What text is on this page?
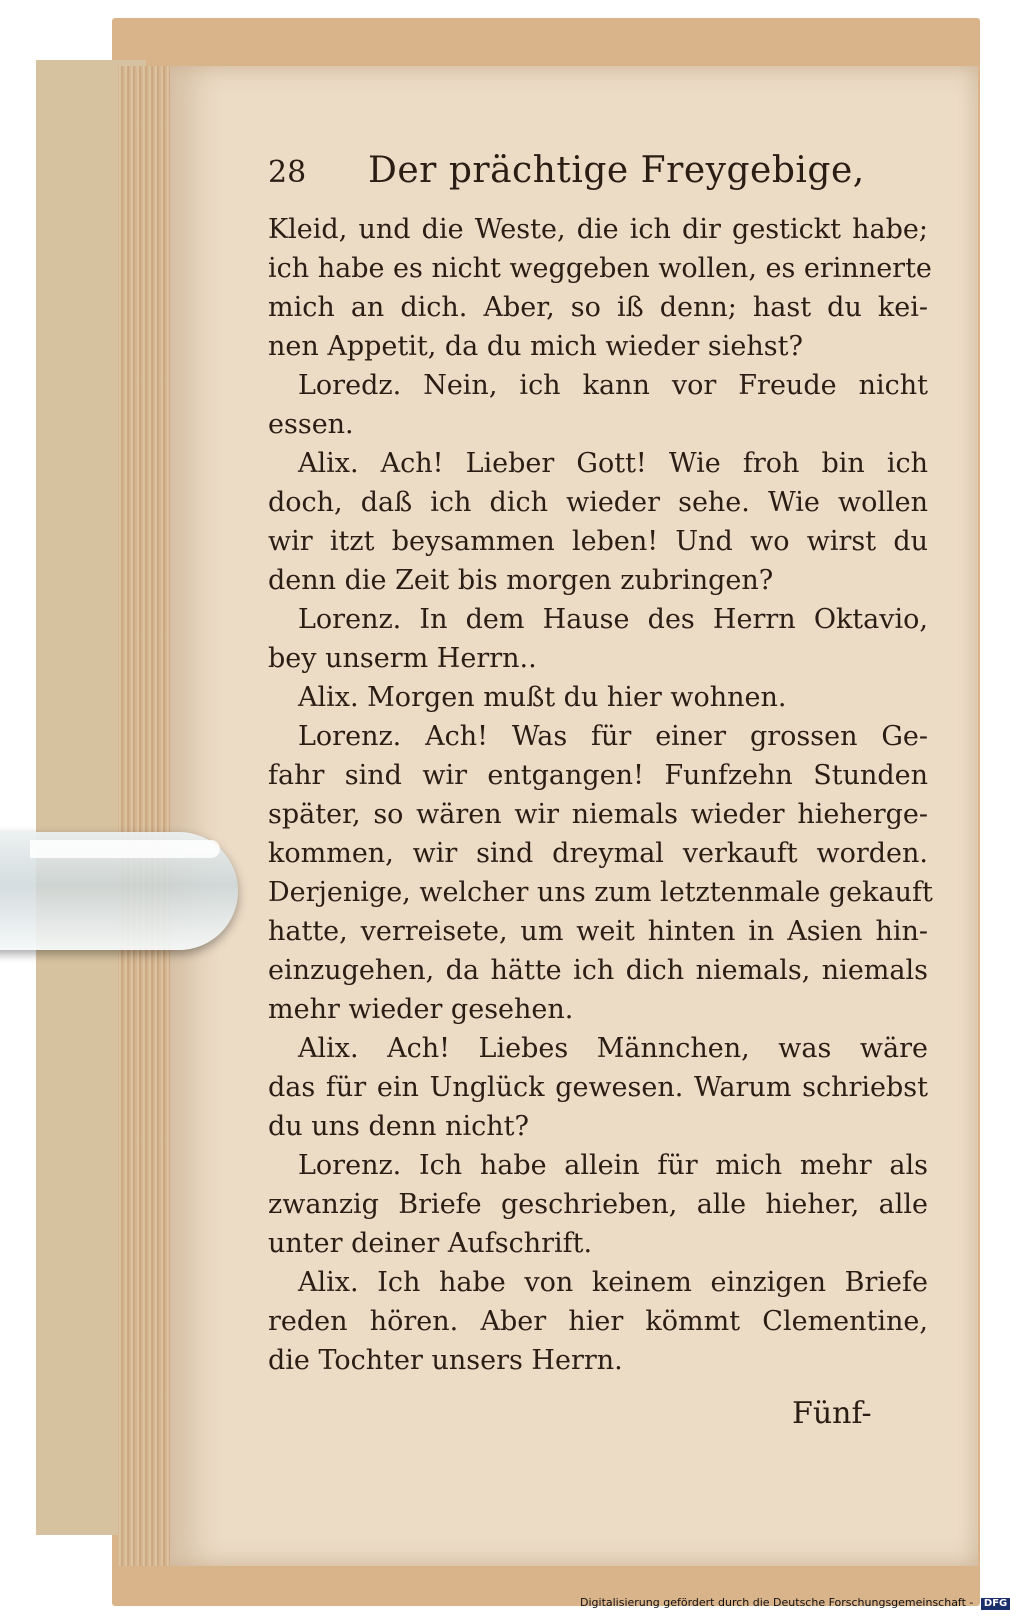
28	Der prächtige Freygebige,
Kleid, und die Weste, die ich dir gestickt habe;
ich habe es nicht weggeben wollen, es erinnerte
mich an dich. Aber, so iß denn; hast du kei-
nen Appetit, da du mich wieder siehst?
Loredz. Nein, ich kann vor Freude nicht
essen.
Alix. Ach! Lieber Gott! Wie froh bin ich
doch, daß ich dich wieder sehe. Wie wollen
wir itzt beysammen leben! Und wo wirst du
denn die Zeit bis morgen zubringen?
Lorenz. In dem Hause des Herrn Oktavio,
bey unserm Herrn..
Alix. Morgen mußt du hier wohnen.
Lorenz. Ach! Was für einer grossen Ge-
fahr sind wir entgangen! Funfzehn Stunden
später, so wären wir niemals wieder hieherge-
kommen, wir sind dreymal verkauft worden.
Derjenige, welcher uns zum letztenmale gekauft
hatte, verreisete, um weit hinten in Asien hin-
einzugehen, da hätte ich dich niemals, niemals
mehr wieder gesehen.
Alix. Ach! Liebes Männchen, was wäre
das für ein Unglück gewesen. Warum schriebst
du uns denn nicht?
Lorenz. Ich habe allein für mich mehr als
zwanzig Briefe geschrieben, alle hieher, alle
unter deiner Aufschrift.
Alix. Ich habe von keinem einzigen Briefe
reden hören. Aber hier kömmt Clementine,
die Tochter unsers Herrn.
Fünf-
Digitalisierung gefördert durch die Deutsche Forschungsgemeinschaft - DFG
